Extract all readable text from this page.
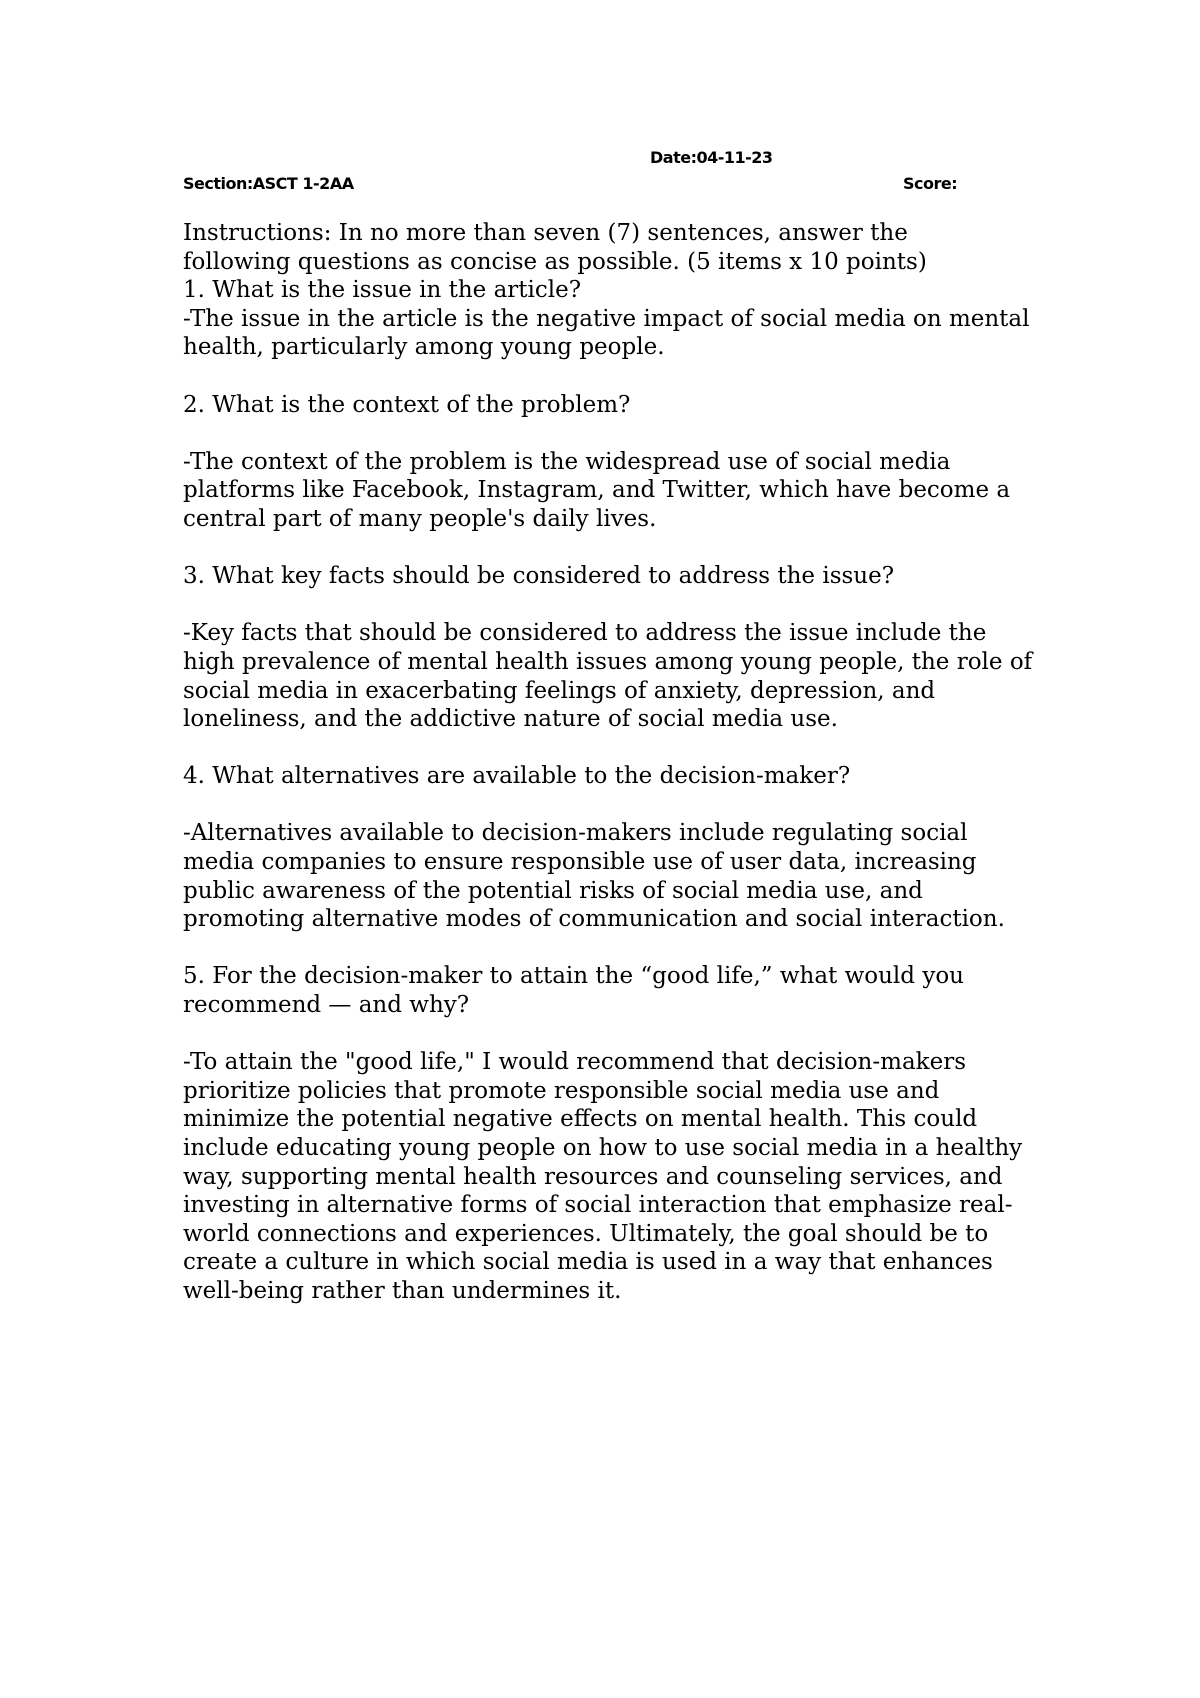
Date:04-11-23
Section:ASCT 1-2AA	Score:

Instructions: In no more than seven (7) sentences, answer the

following questions as concise as possible. (5 items x 10 points)

1. What is the issue in the article?

-The issue in the article is the negative impact of social media on mental health, particularly among young people.

2. What is the context of the problem?

-The context of the problem is the widespread use of social media platforms like Facebook, Instagram, and Twitter, which have become a central part of many people's daily lives.

3. What key facts should be considered to address the issue?

-Key facts that should be considered to address the issue include the high prevalence of mental health issues among young people, the role of social media in exacerbating feelings of anxiety, depression, and loneliness, and the addictive nature of social media use.

4. What alternatives are available to the decision-maker?

-Alternatives available to decision-makers include regulating social media companies to ensure responsible use of user data, increasing public awareness of the potential risks of social media use, and promoting alternative modes of communication and social interaction.

5. For the decision-maker to attain the “good life,” what would you recommend — and why?

-To attain the "good life," I would recommend that decision-makers prioritize policies that promote responsible social media use and minimize the potential negative effects on mental health. This could include educating young people on how to use social media in a healthy way, supporting mental health resources and counseling services, and investing in alternative forms of social interaction that emphasize real-world connections and experiences. Ultimately, the goal should be to create a culture in which social media is used in a way that enhances well-being rather than undermines it.
